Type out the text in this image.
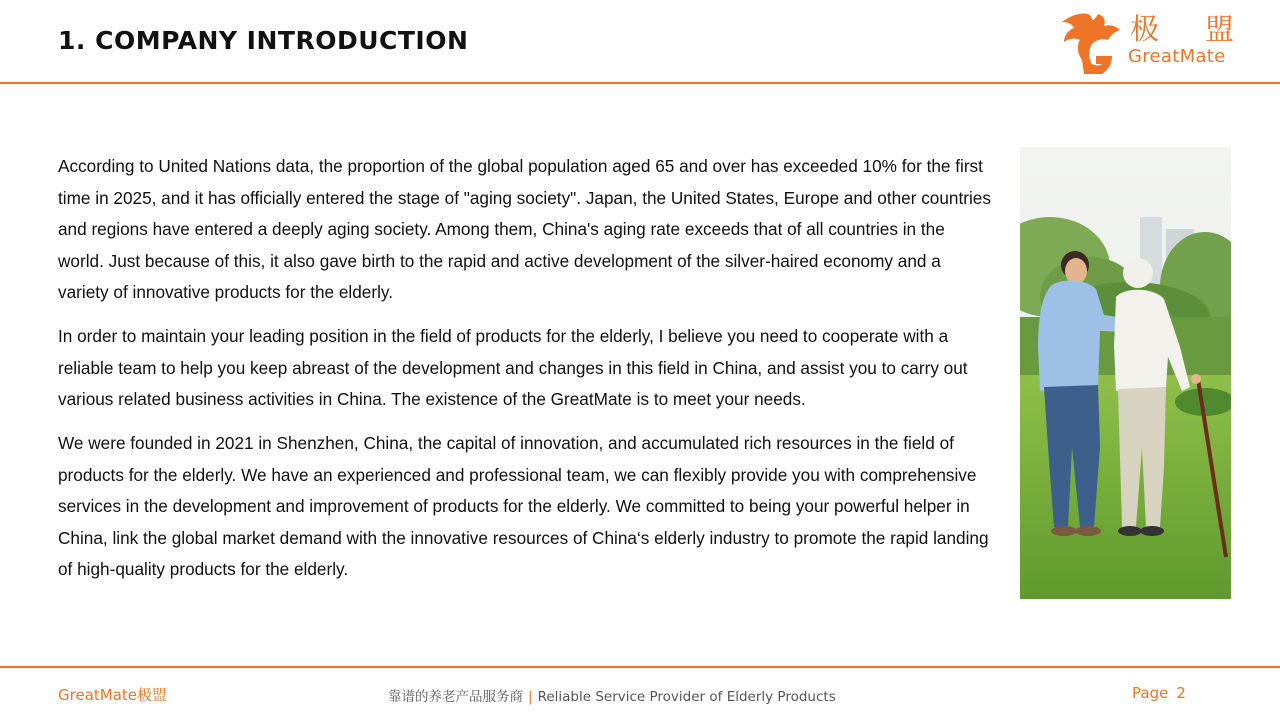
1. COMPANY INTRODUCTION	极 盟
GreatMate

According to United Nations data, the proportion of the global population aged 65 and over has exceeded 10% for the first time in 2025, and it has officially entered the stage of "aging society". Japan, the United States, Europe and other countries and regions have entered a deeply aging society. Among them, China's aging rate exceeds that of all countries in the world. Just because of this, it also gave birth to the rapid and active development of the silver-haired economy and a variety of innovative products for the elderly.

In order to maintain your leading position in the field of products for the elderly, I believe you need to cooperate with a reliable team to help you keep abreast of the development and changes in this field in China, and assist you to carry out various related business activities in China. The existence of the GreatMate is to meet your needs.

We were founded in 2021 in Shenzhen, China, the capital of innovation, and accumulated rich resources in the field of products for the elderly. We have an experienced and professional team, we can flexibly provide you with comprehensive services in the development and improvement of products for the elderly. We committed to being your powerful helper in China, link the global market demand with the innovative resources of China‘s elderly industry to promote the rapid landing of high-quality products for the elderly.

GreatMate极盟	靠谱的养老产品服务商 | Reliable Service Provider of Elderly Products	Page 2
